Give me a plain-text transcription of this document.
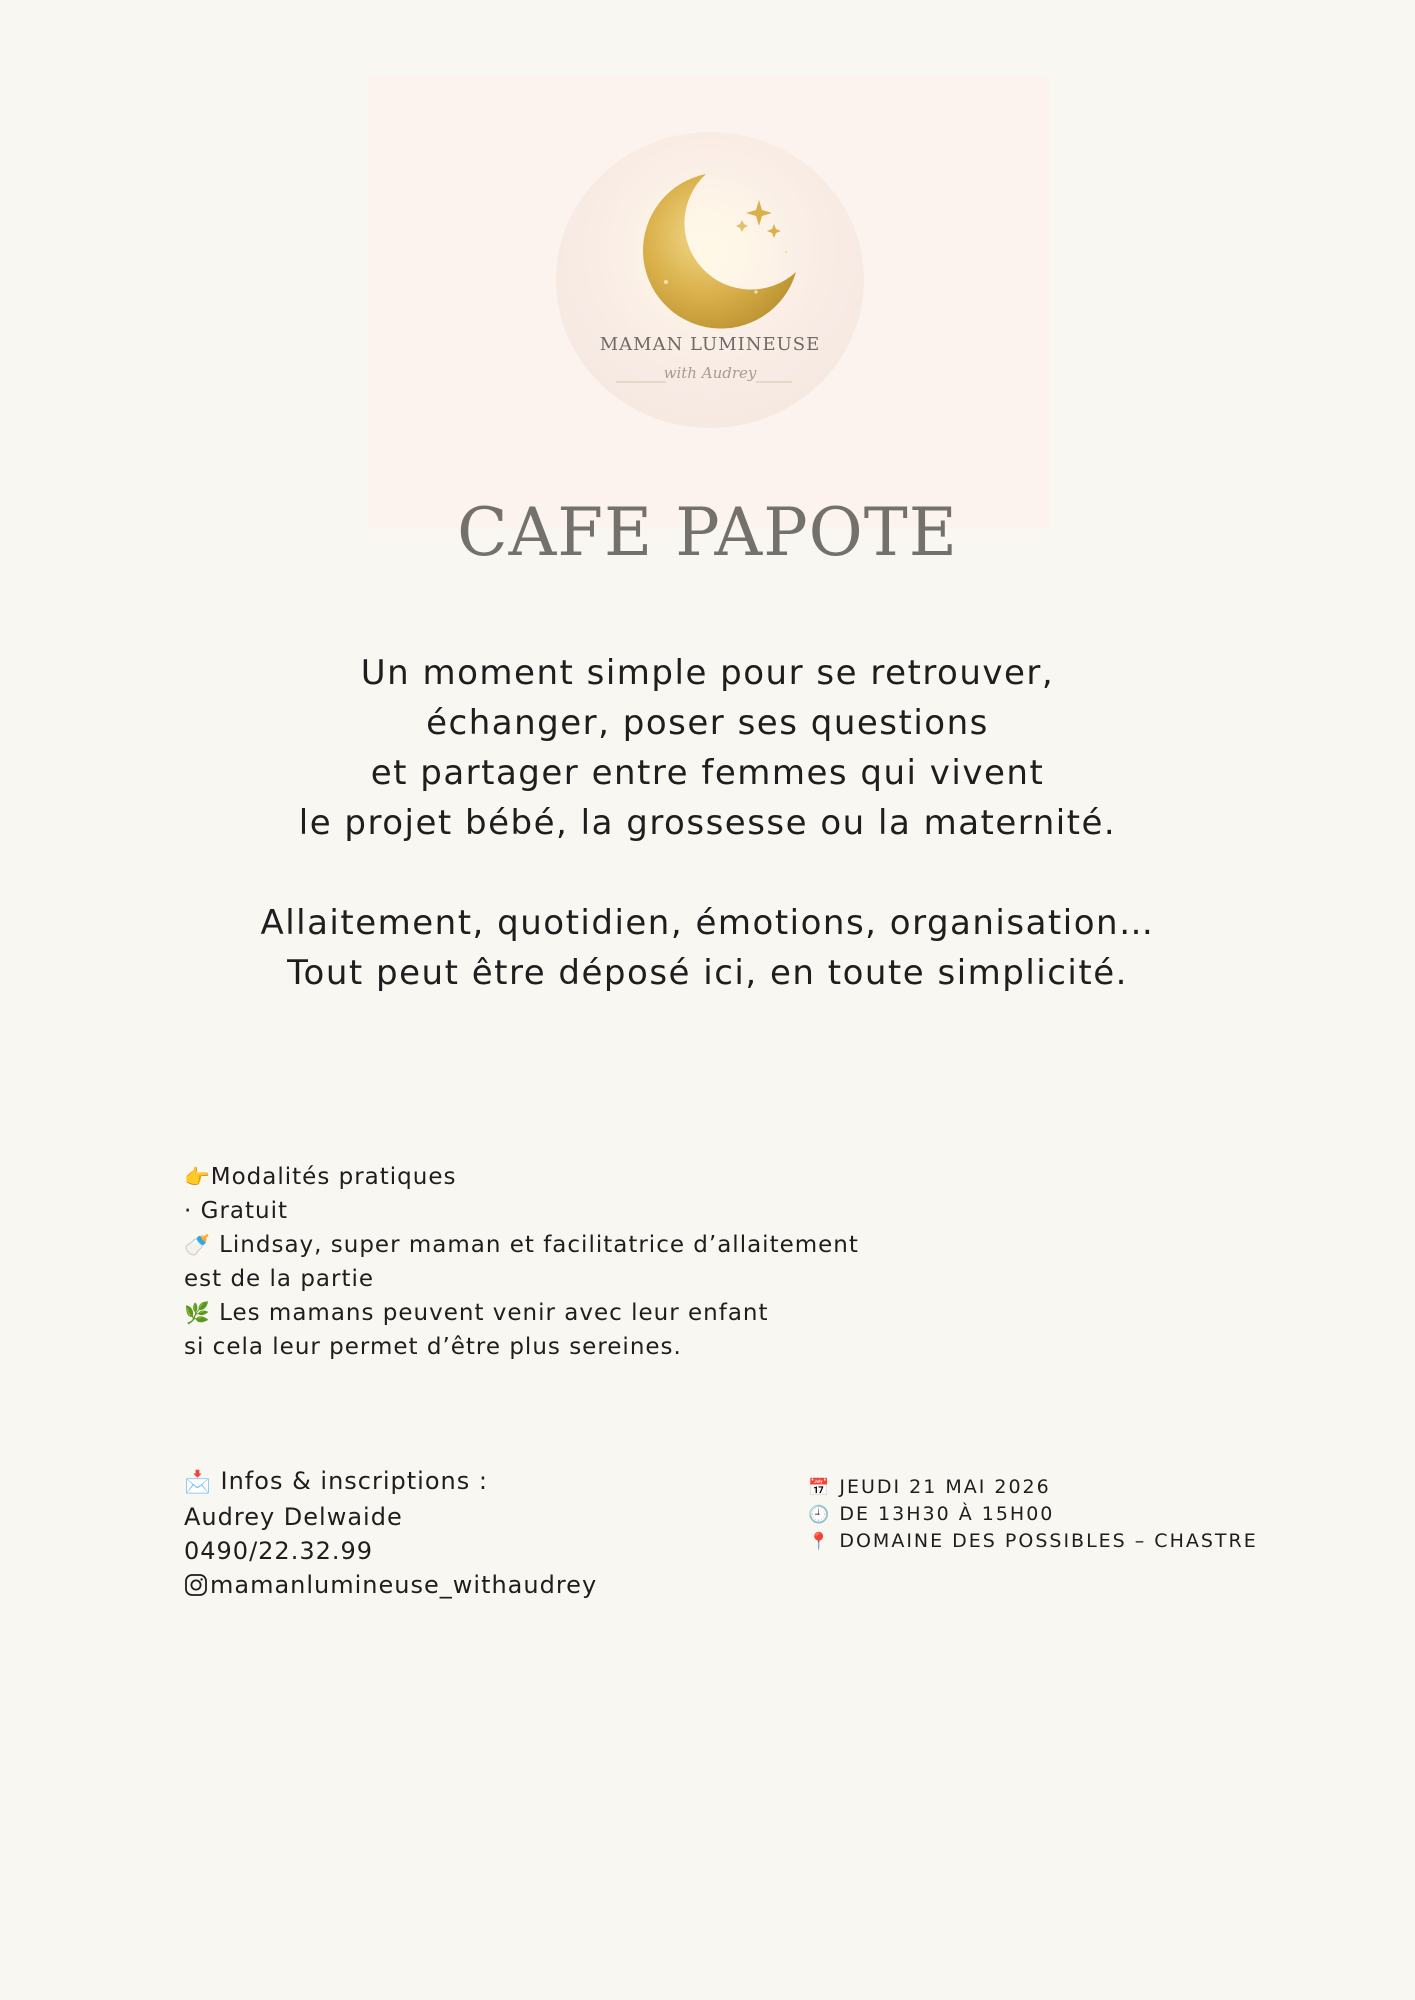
MAMAN LUMINEUSE
with Audrey
CAFE PAPOTE
Un moment simple pour se retrouver,
échanger, poser ses questions
et partager entre femmes qui vivent
le projet bébé, la grossesse ou la maternité.
Allaitement, quotidien, émotions, organisation…
Tout peut être déposé ici, en toute simplicité.
👉Modalités pratiques
· Gratuit
🍼 Lindsay, super maman et facilitatrice d’allaitement
est de la partie
🌿 Les mamans peuvent venir avec leur enfant
si cela leur permet d’être plus sereines.
📩 Infos & inscriptions :
Audrey Delwaide
0490/22.32.99
mamanlumineuse_withaudrey
📅 JEUDI 21 MAI 2026
🕘 DE 13H30 À 15H00
📍 DOMAINE DES POSSIBLES – CHASTRE
